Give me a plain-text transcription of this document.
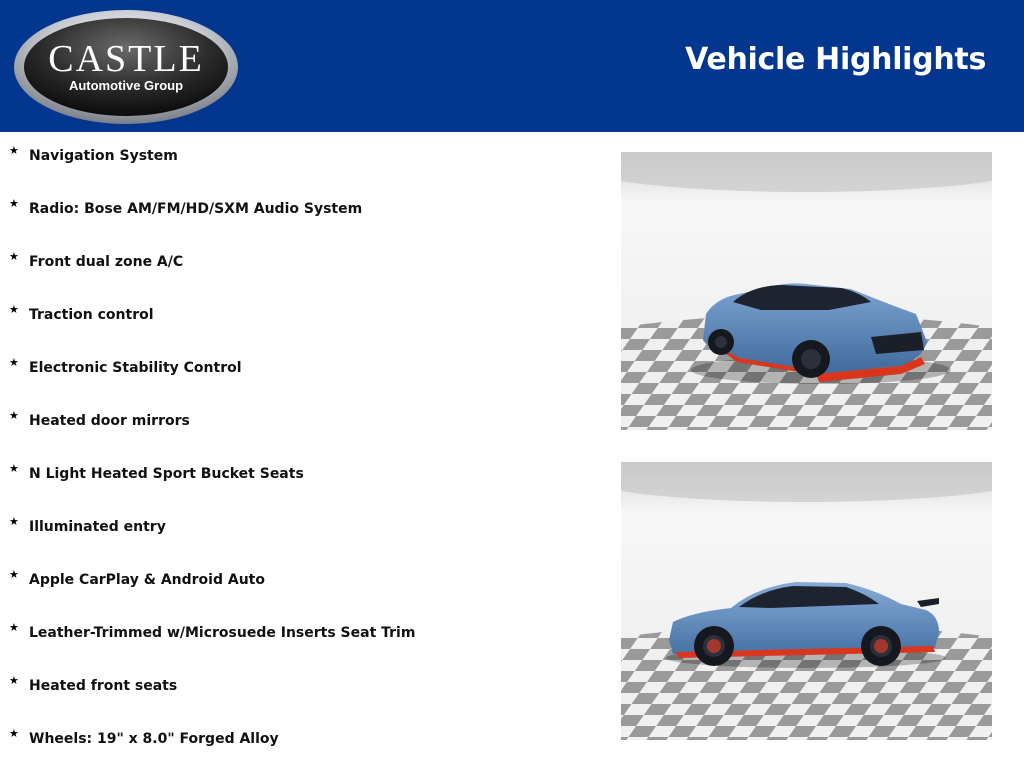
CASTLE
Automotive Group
Vehicle Highlights
★ Navigation System
★ Radio: Bose AM/FM/HD/SXM Audio System
★ Front dual zone A/C
★ Traction control
★ Electronic Stability Control
★ Heated door mirrors
★ N Light Heated Sport Bucket Seats
★ Illuminated entry
★ Apple CarPlay & Android Auto
★ Leather-Trimmed w/Microsuede Inserts Seat Trim
★ Heated front seats
★ Wheels: 19" x 8.0" Forged Alloy
